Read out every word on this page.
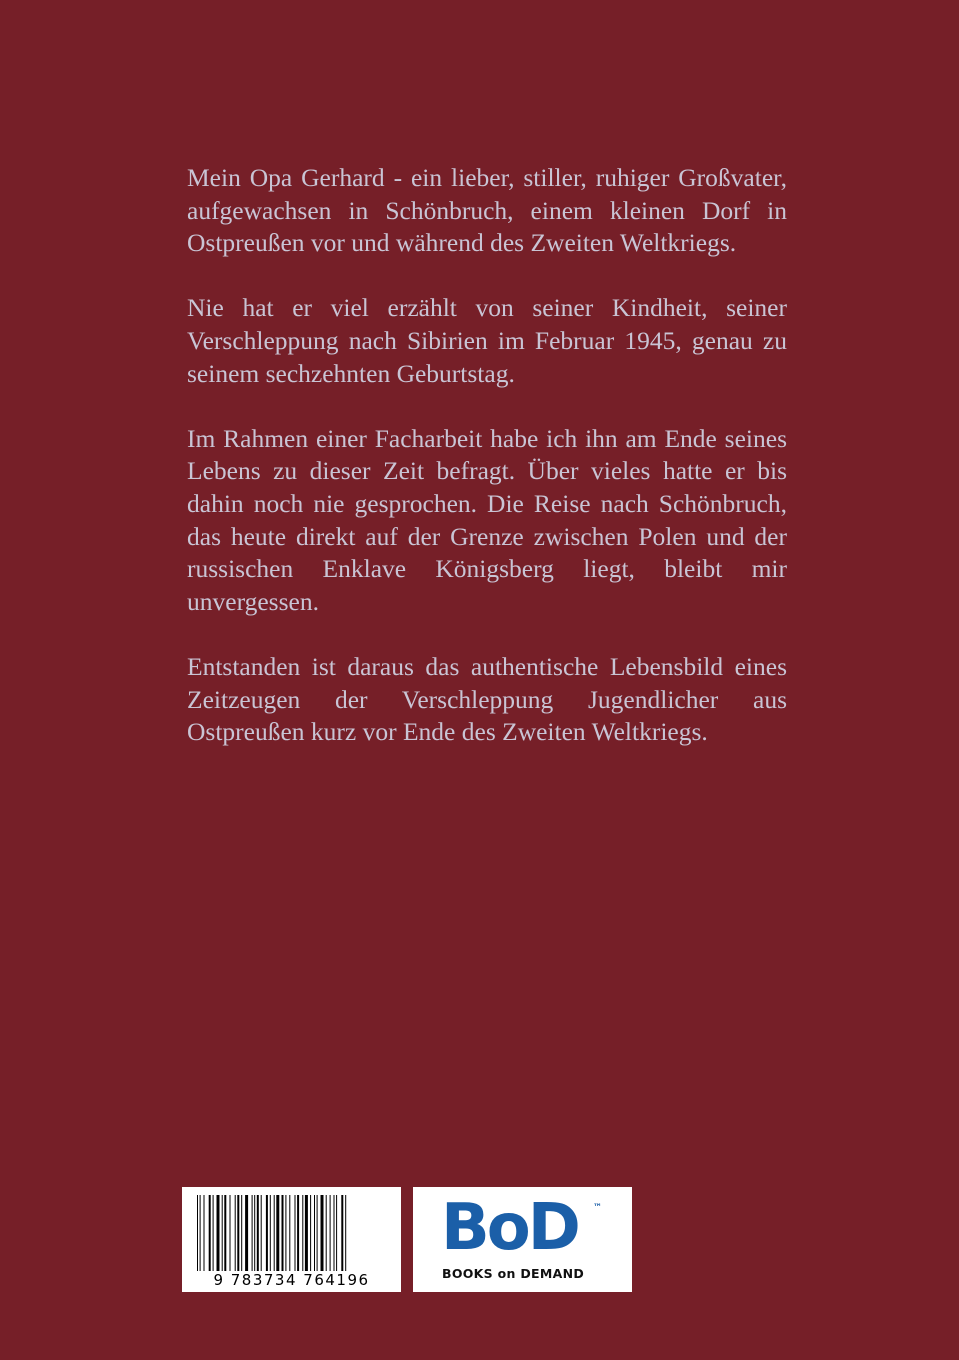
Mein Opa Gerhard - ein lieber, stiller, ruhiger Großvater, aufgewachsen in Schönbruch, einem kleinen Dorf in Ostpreußen vor und während des Zweiten Weltkriegs.

Nie hat er viel erzählt von seiner Kindheit, seiner Verschleppung nach Sibirien im Februar 1945, genau zu seinem sechzehnten Geburtstag.

Im Rahmen einer Facharbeit habe ich ihn am Ende seines Lebens zu dieser Zeit befragt. Über vieles hatte er bis dahin noch nie gesprochen. Die Reise nach Schönbruch, das heute direkt auf der Grenze zwischen Polen und der russischen Enklave Königsberg liegt, bleibt mir unvergessen.

Entstanden ist daraus das authentische Lebensbild eines Zeitzeugen der Verschleppung Jugendlicher aus Ostpreußen kurz vor Ende des Zweiten Weltkriegs.

9 783734 764196
BoD ™
BOOKS on DEMAND
